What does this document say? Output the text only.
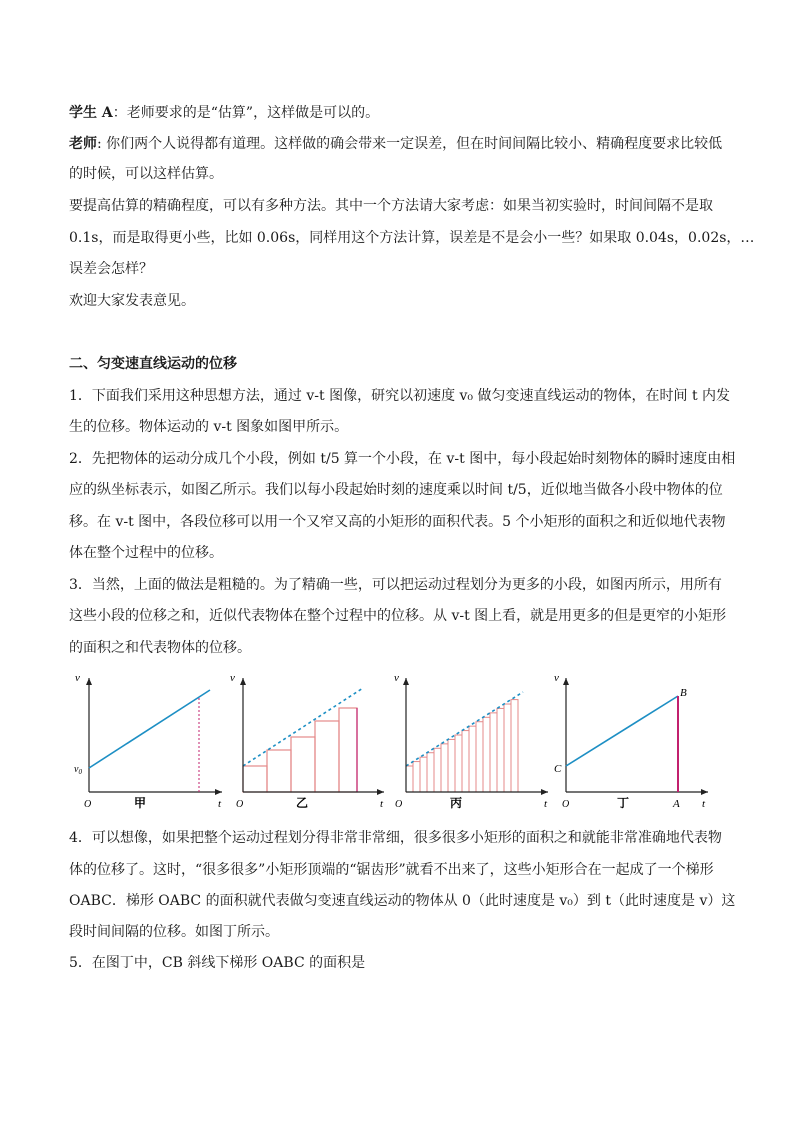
学生 A：老师要求的是“估算”，这样做是可以的。
老师: 你们两个人说得都有道理。这样做的确会带来一定误差，但在时间间隔比较小、精确程度要求比较低
的时候，可以这样估算。
要提高估算的精确程度，可以有多种方法。其中一个方法请大家考虑：如果当初实验时，时间间隔不是取
0.1s，而是取得更小些，比如 0.06s，同样用这个方法计算，误差是不是会小一些？如果取 0.04s，0.02s，…
误差会怎样？
欢迎大家发表意见。
二、匀变速直线运动的位移
1．下面我们采用这种思想方法，通过 v-t 图像，研究以初速度 v₀ 做匀变速直线运动的物体，在时间 t 内发
生的位移。物体运动的 v-t 图象如图甲所示。
2．先把物体的运动分成几个小段，例如 t/5 算一个小段，在 v-t 图中，每小段起始时刻物体的瞬时速度由相
应的纵坐标表示，如图乙所示。我们以每小段起始时刻的速度乘以时间 t/5，近似地当做各小段中物体的位
移。在 v-t 图中，各段位移可以用一个又窄又高的小矩形的面积代表。5 个小矩形的面积之和近似地代表物
体在整个过程中的位移。
3．当然，上面的做法是粗糙的。为了精确一些，可以把运动过程划分为更多的小段，如图丙所示，用所有
这些小段的位移之和，近似代表物体在整个过程中的位移。从 v-t 图上看，就是用更多的但是更窄的小矩形
的面积之和代表物体的位移。
v
t
O
$v_0$
甲
v
t
O	乙
v
t
O	丙
v
t
O
B
C
A
丁
4．可以想像，如果把整个运动过程划分得非常非常细，很多很多小矩形的面积之和就能非常准确地代表物
体的位移了。这时，“很多很多”小矩形顶端的“锯齿形”就看不出来了，这些小矩形合在一起成了一个梯形
OABC．梯形 OABC 的面积就代表做匀变速直线运动的物体从 0（此时速度是 v₀）到 t（此时速度是 v）这
段时间间隔的位移。如图丁所示。
5．在图丁中，CB 斜线下梯形 OABC 的面积是
